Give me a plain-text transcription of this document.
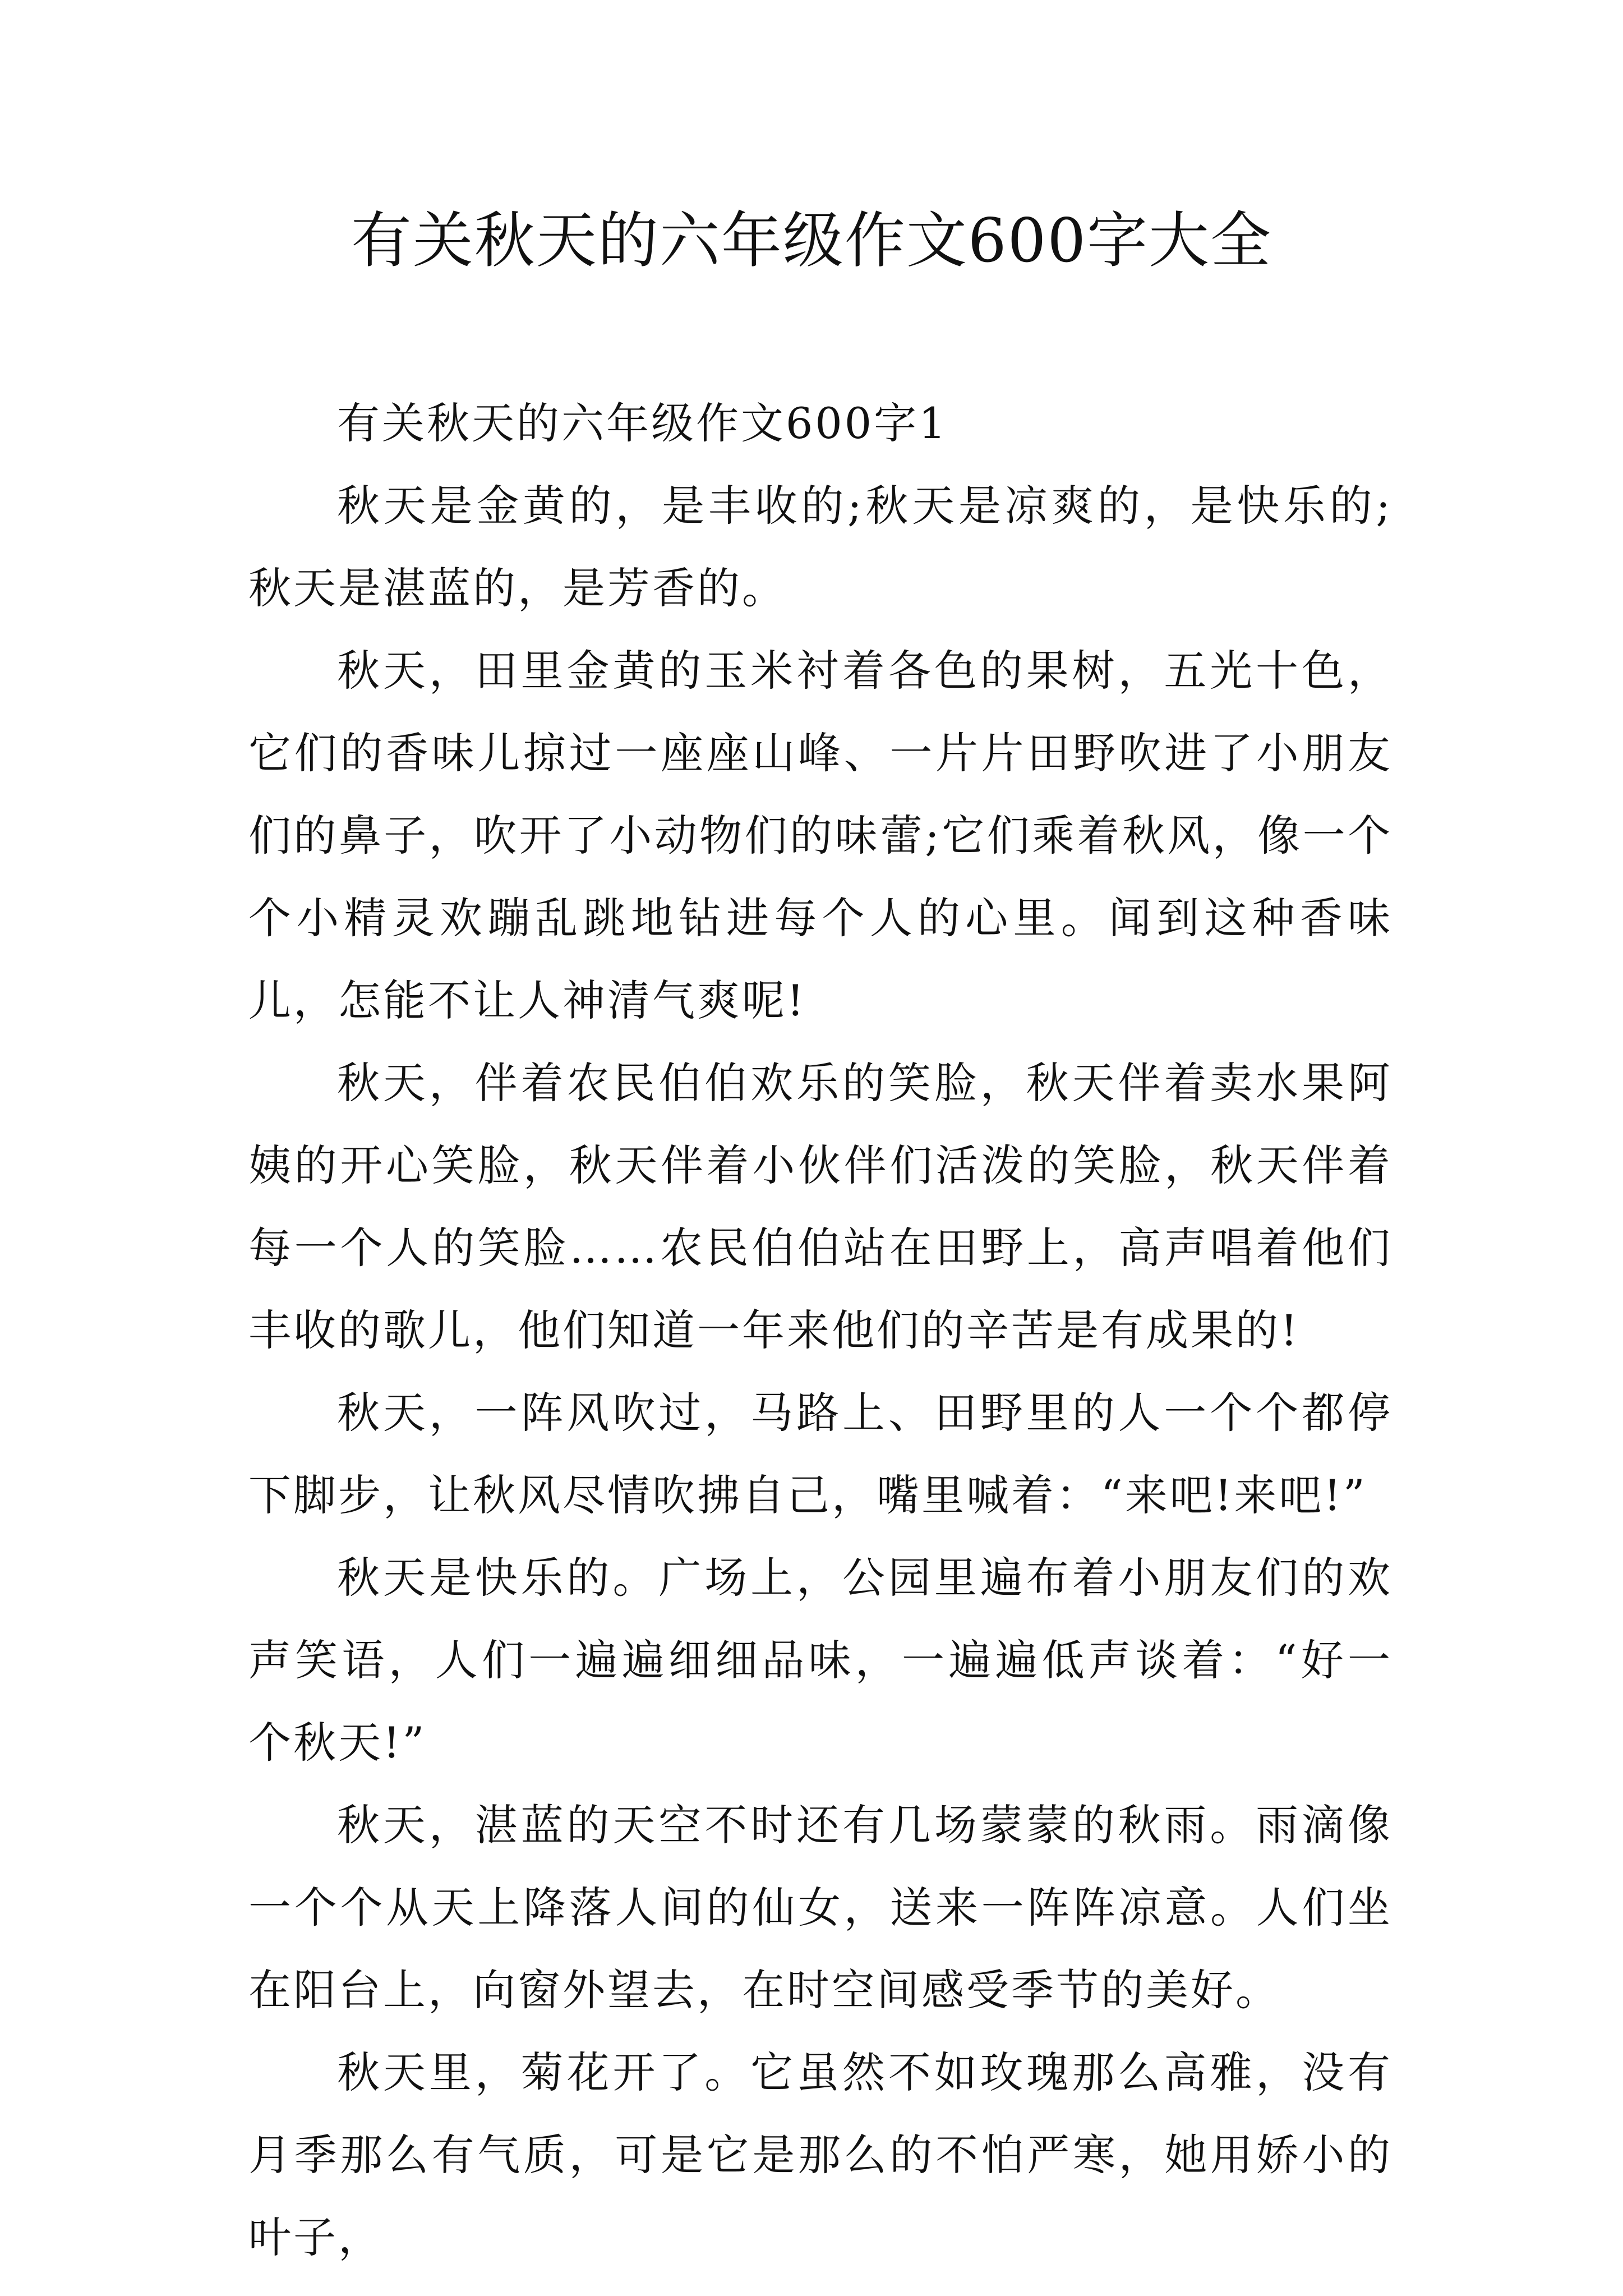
有关秋天的六年级作文600字大全

有关秋天的六年级作文600字1

秋天是金黄的，是丰收的;秋天是凉爽的，是快乐的;秋天是湛蓝的，是芳香的。

秋天，田里金黄的玉米衬着各色的果树，五光十色，它们的香味儿掠过一座座山峰、一片片田野吹进了小朋友们的鼻子，吹开了小动物们的味蕾;它们乘着秋风，像一个个小精灵欢蹦乱跳地钻进每个人的心里。闻到这种香味儿，怎能不让人神清气爽呢!

秋天，伴着农民伯伯欢乐的笑脸，秋天伴着卖水果阿姨的开心笑脸，秋天伴着小伙伴们活泼的笑脸，秋天伴着每一个人的笑脸……农民伯伯站在田野上，高声唱着他们丰收的歌儿，他们知道一年来他们的辛苦是有成果的!

秋天，一阵风吹过，马路上、田野里的人一个个都停下脚步，让秋风尽情吹拂自己，嘴里喊着：“来吧!来吧!”

秋天是快乐的。广场上，公园里遍布着小朋友们的欢声笑语，人们一遍遍细细品味，一遍遍低声谈着：“好一个秋天!”

秋天，湛蓝的天空不时还有几场蒙蒙的秋雨。雨滴像一个个从天上降落人间的仙女，送来一阵阵凉意。人们坐在阳台上，向窗外望去，在时空间感受季节的美好。

秋天里，菊花开了。它虽然不如玫瑰那么高雅，没有月季那么有气质，可是它是那么的不怕严寒，她用娇小的叶子，
